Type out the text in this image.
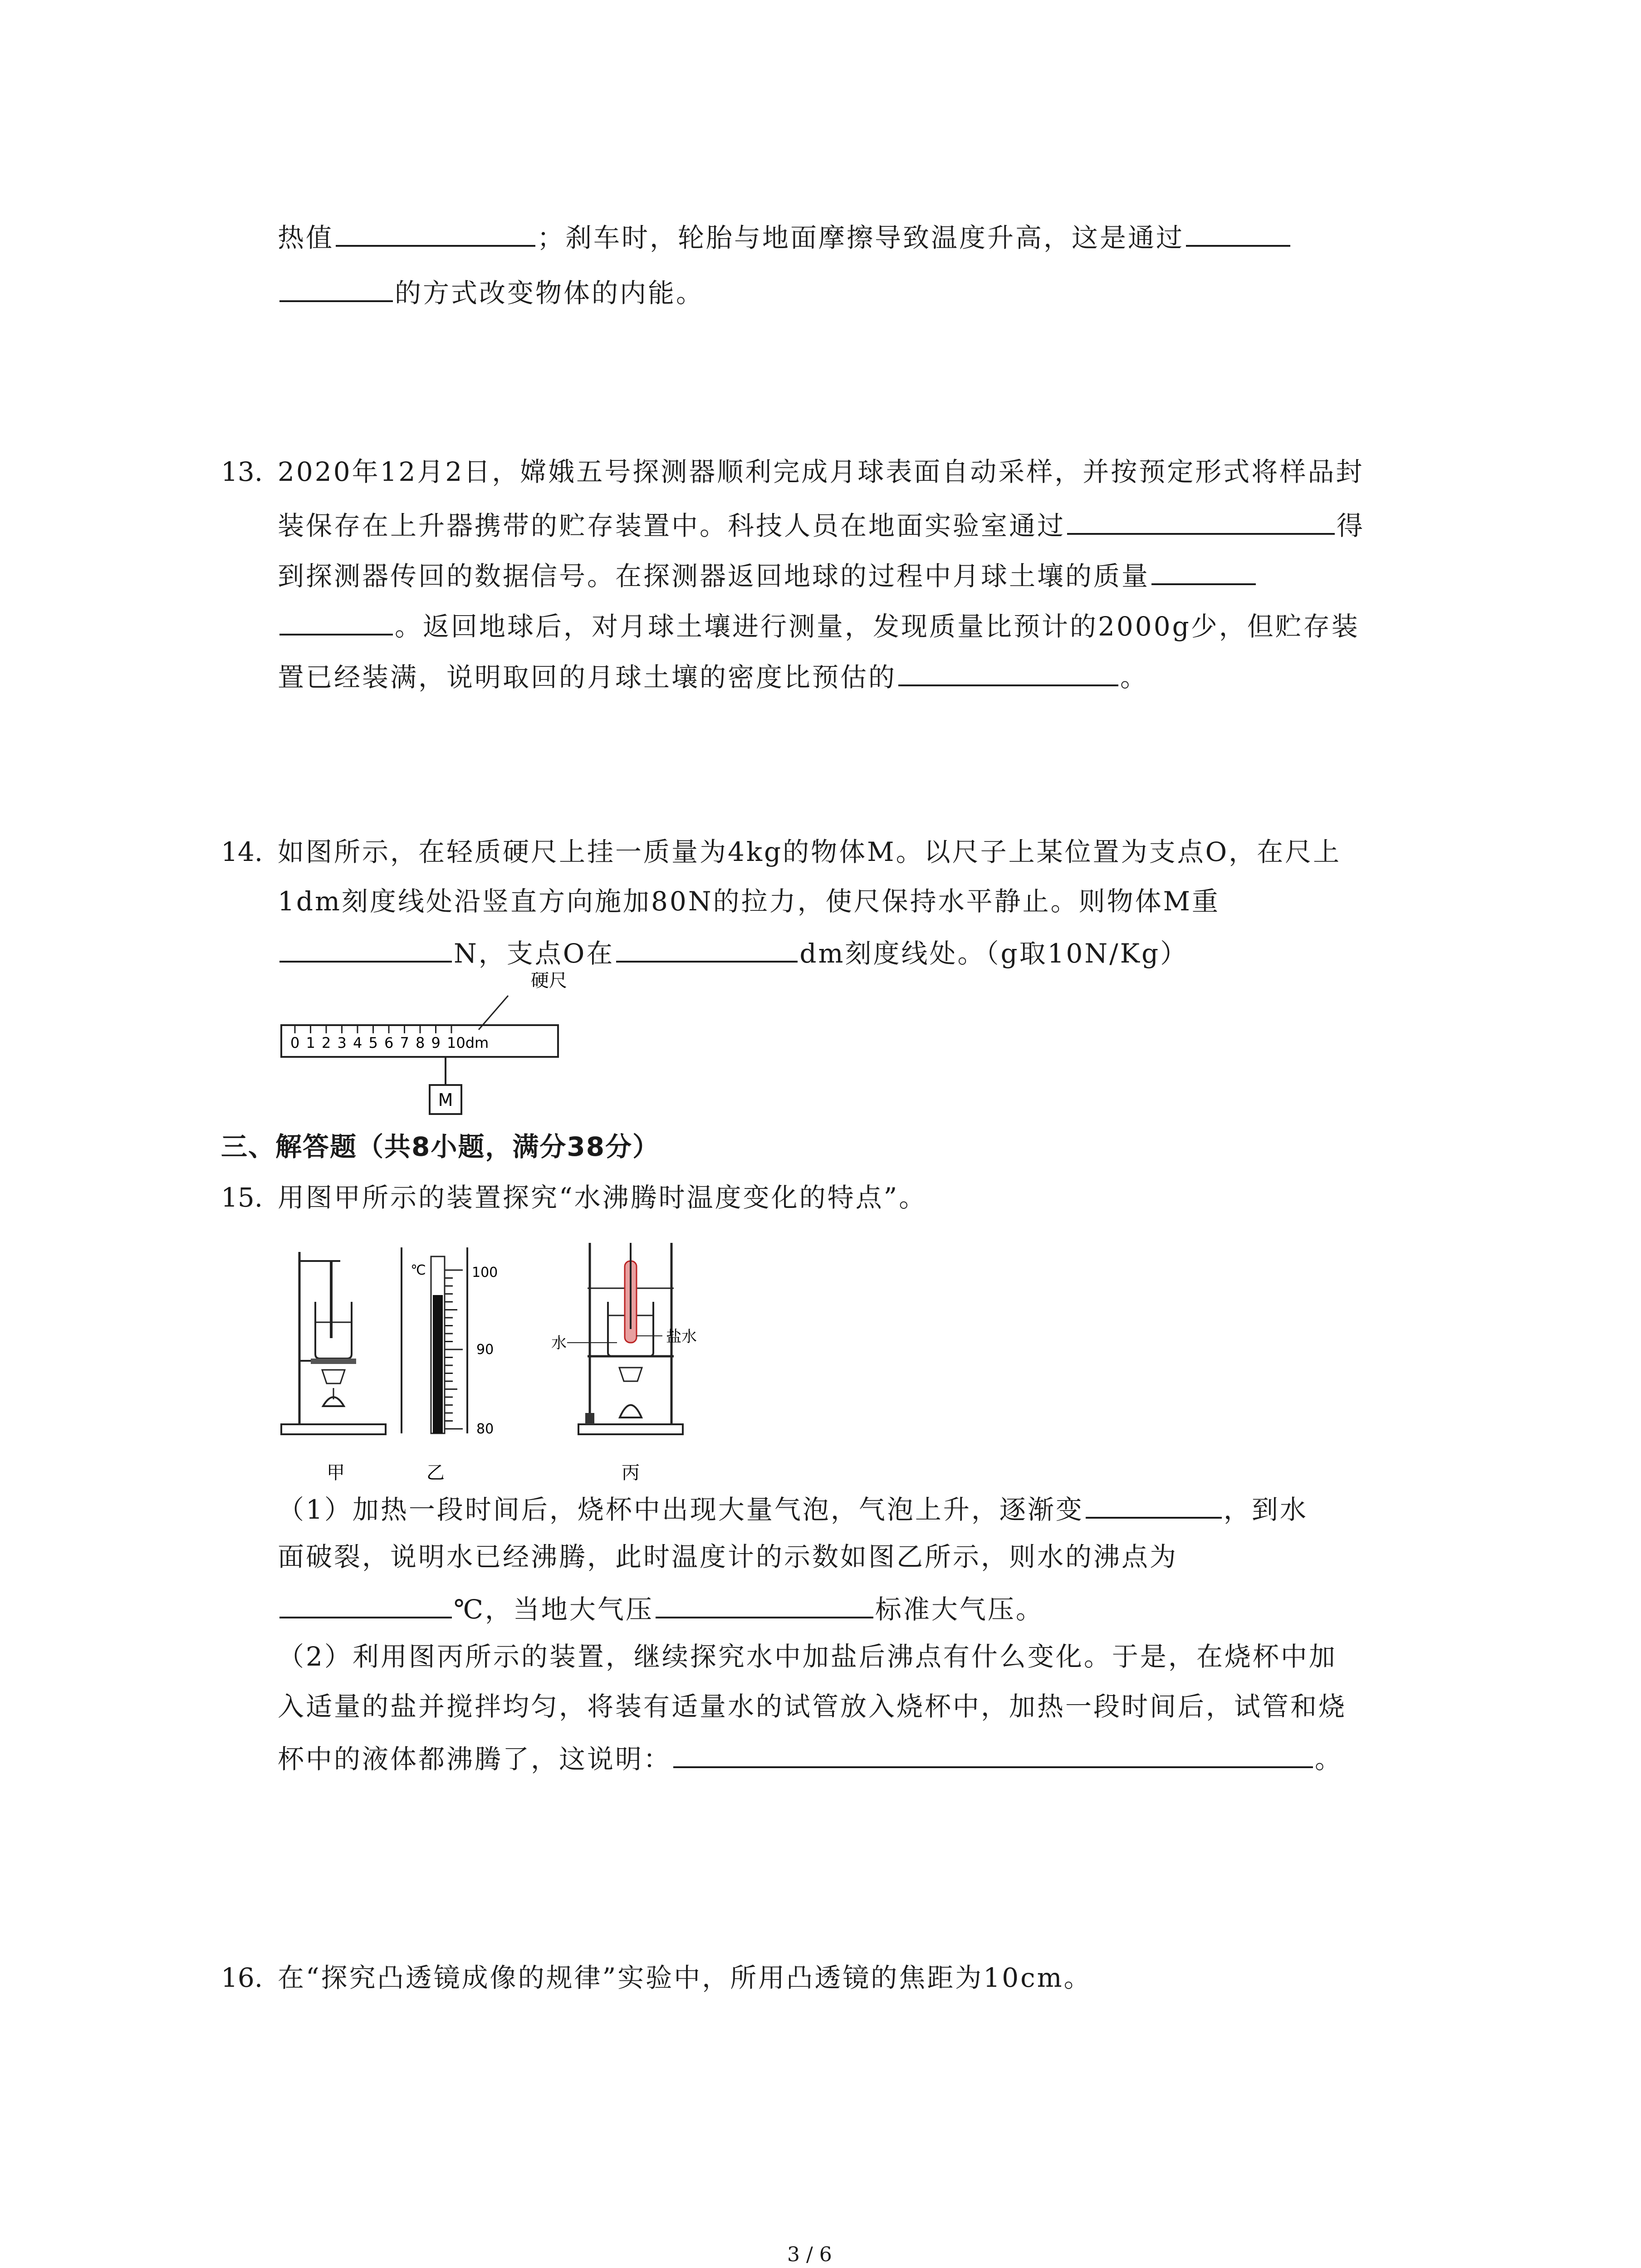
热值	；刹车时，轮胎与地面摩擦导致温度升高，这是通过
的方式改变物体的内能。
13. 2020年12月2日，嫦娥五号探测器顺利完成月球表面自动采样，并按预定形式将样品封
装保存在上升器携带的贮存装置中。科技人员在地面实验室通过	得
到探测器传回的数据信号。在探测器返回地球的过程中月球土壤的质量
。返回地球后，对月球土壤进行测量，发现质量比预计的2000g少，但贮存装
置已经装满，说明取回的月球土壤的密度比预估的	。
14. 如图所示，在轻质硬尺上挂一质量为4kg的物体M。以尺子上某位置为支点O，在尺上
1dm刻度线处沿竖直方向施加80N的拉力，使尺保持水平静止。则物体M重
N，支点O在	dm刻度线处。（g取10N/Kg）
0 1 2 3 4 5 6 7 8 9 10dm
硬尺
M
三、解答题（共8小题，满分38分）
15. 用图甲所示的装置探究“水沸腾时温度变化的特点”。
℃	100
90
80
水	盐水
甲	乙	丙
（1）加热一段时间后，烧杯中出现大量气泡，气泡上升，逐渐变	，到水
面破裂，说明水已经沸腾，此时温度计的示数如图乙所示，则水的沸点为
℃，当地大气压	标准大气压。
（2）利用图丙所示的装置，继续探究水中加盐后沸点有什么变化。于是，在烧杯中加
入适量的盐并搅拌均匀，将装有适量水的试管放入烧杯中，加热一段时间后，试管和烧
杯中的液体都沸腾了，这说明：	。
16. 在“探究凸透镜成像的规律”实验中，所用凸透镜的焦距为10cm。
3 / 6
